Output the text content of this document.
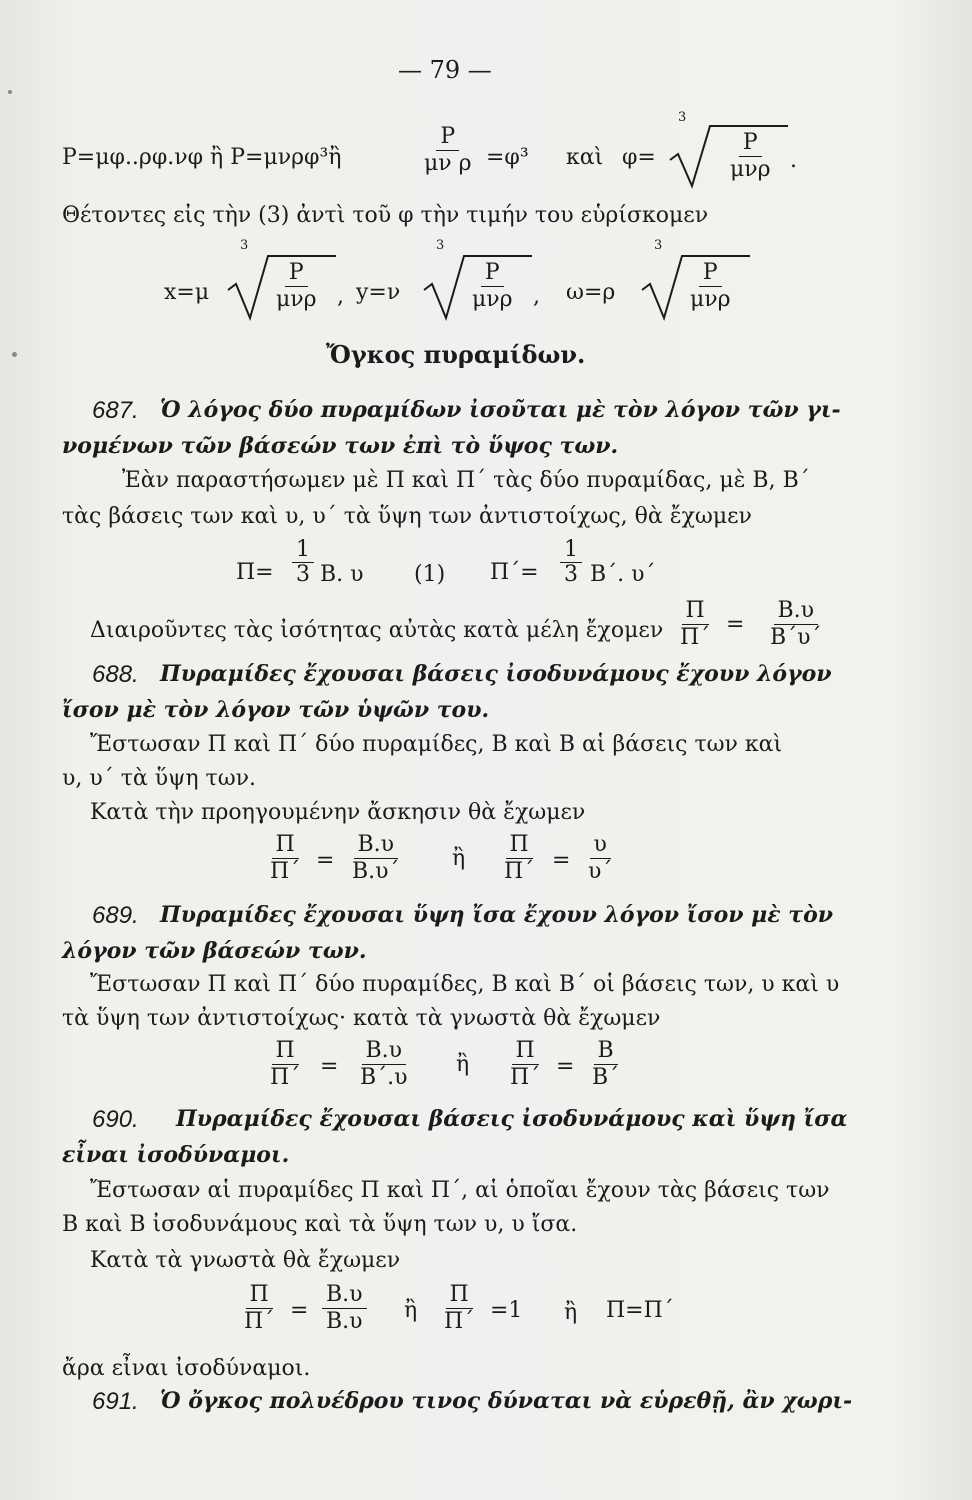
— 79 —
P=μφ..ρφ.νφ ἢ P=μνρφ³ἢ	$\frac{P}{\text{μν ρ}} =\varphi^3$ καὶ φ=
3
P
μνρ .
Θέτοντες εἰς τὴν (3) ἀντὶ τοῦ φ τὴν τιμήν του εὑρίσκομεν
x=μ
3
P
μνρ , y=ν
3
P
μνρ , ω=ρ
3
P
μνρ
Ὄγκος πυραμίδων.
687. Ὁ λόγος δύο πυραμίδων ἰσοῦται μὲ τὸν λόγον τῶν γι-
νομένων τῶν βάσεών των ἐπὶ τὸ ὕψος των.
Ἐὰν παραστήσωμεν μὲ Π καὶ Π΄ τὰς δύο πυραμίδας, μὲ Β, Β΄
τὰς βάσεις των καὶ υ, υ΄ τὰ ὕψη των ἀντιστοίχως, θὰ ἔχωμεν
$\Pi= \frac{1}{3} B$. υ (1) $\Pi΄= \frac{1}{3} B΄$. υ΄
Διαιροῦντες τὰς ἰσότητας αὐτὰς κατὰ μέλη ἔχομεν $\frac{\Pi}{\Pi΄} = \frac{B.\upsilon}{B΄\upsilon΄}$
688. Πυραμίδες ἔχουσαι βάσεις ἰσοδυνάμους ἔχουν λόγον
ἴσον μὲ τὸν λόγον τῶν ὑψῶν του.
Ἔστωσαν Π καὶ Π΄ δύο πυραμίδες, Β καὶ Β αἱ βάσεις των καὶ
υ, υ΄ τὰ ὕψη των.
Κατὰ τὴν προηγουμένην ἄσκησιν θὰ ἔχωμεν
$\frac{\Pi}{\Pi΄} = \frac{B.\upsilon}{B.\upsilon΄}$ ἢ $\frac{\Pi}{\Pi΄} = \frac{\upsilon}{\upsilon΄}$
689. Πυραμίδες ἔχουσαι ὕψη ἴσα ἔχουν λόγον ἴσον μὲ τὸν
λόγον τῶν βάσεών των.
Ἔστωσαν Π καὶ Π΄ δύο πυραμίδες, Β καὶ Β΄ οἱ βάσεις των, υ καὶ υ
τὰ ὕψη των ἀντιστοίχως· κατὰ τὰ γνωστὰ θὰ ἔχωμεν
$\frac{\Pi}{\Pi΄} = \frac{B.\upsilon}{B΄.\upsilon}$ ἢ $\frac{\Pi}{\Pi΄} = \frac{B}{B΄}$
690. Πυραμίδες ἔχουσαι βάσεις ἰσοδυνάμους καὶ ὕψη ἴσα
εἶναι ἰσοδύναμοι.
Ἔστωσαν αἱ πυραμίδες Π καὶ Π΄, αἱ ὁποῖαι ἔχουν τὰς βάσεις των
Β καὶ Β ἰσοδυνάμους καὶ τὰ ὕψη των υ, υ ἴσα.
Κατὰ τὰ γνωστὰ θὰ ἔχωμεν
$\frac{\Pi}{\Pi΄} = \frac{B.\upsilon}{B.\upsilon}$ ἢ $\frac{\Pi}{\Pi΄} =1$ ἢ Π=Π΄
ἄρα εἶναι ἰσοδύναμοι.
691. Ὁ ὄγκος πολυέδρου τινος δύναται νὰ εὑρεθῇ, ἂν χωρι-
